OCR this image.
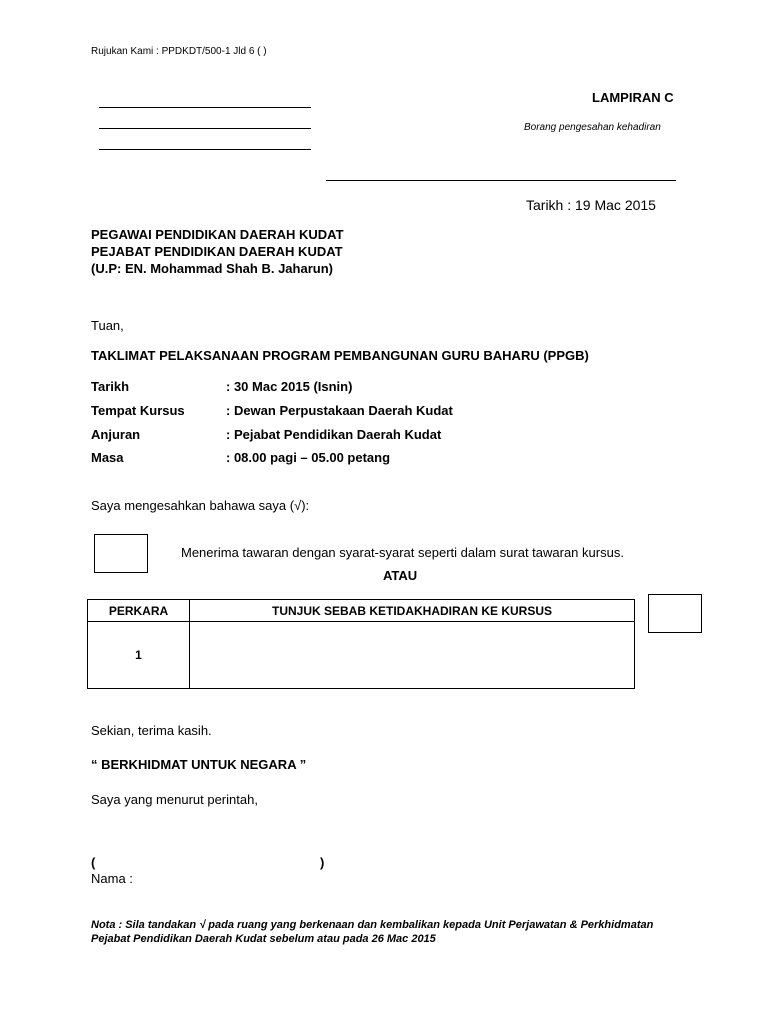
Rujukan Kami : PPDKDT/500-1 Jld 6 ( )
LAMPIRAN C
Borang pengesahan kehadiran
Tarikh : 19 Mac 2015
PEGAWAI PENDIDIKAN DAERAH KUDAT
PEJABAT PENDIDIKAN DAERAH KUDAT
(U.P: EN. Mohammad Shah B. Jaharun)
Tuan,
TAKLIMAT PELAKSANAAN PROGRAM PEMBANGUNAN GURU BAHARU (PPGB)
Tarikh	: 30 Mac 2015 (Isnin)
Tempat Kursus	: Dewan Perpustakaan Daerah Kudat
Anjuran	: Pejabat Pendidikan Daerah Kudat
Masa	: 08.00 pagi – 05.00 petang
Saya mengesahkan bahawa saya (√):
Menerima tawaran dengan syarat-syarat seperti dalam surat tawaran kursus.
ATAU
PERKARA	TUNJUK SEBAB KETIDAKHADIRAN KE KURSUS
1	
Sekian, terima kasih.
“ BERKHIDMAT UNTUK NEGARA ”
Saya yang menurut perintah,
(	)
Nama :
Nota : Sila tandakan √ pada ruang yang berkenaan dan kembalikan kepada Unit Perjawatan & Perkhidmatan Pejabat Pendidikan Daerah Kudat sebelum atau pada 26 Mac 2015
